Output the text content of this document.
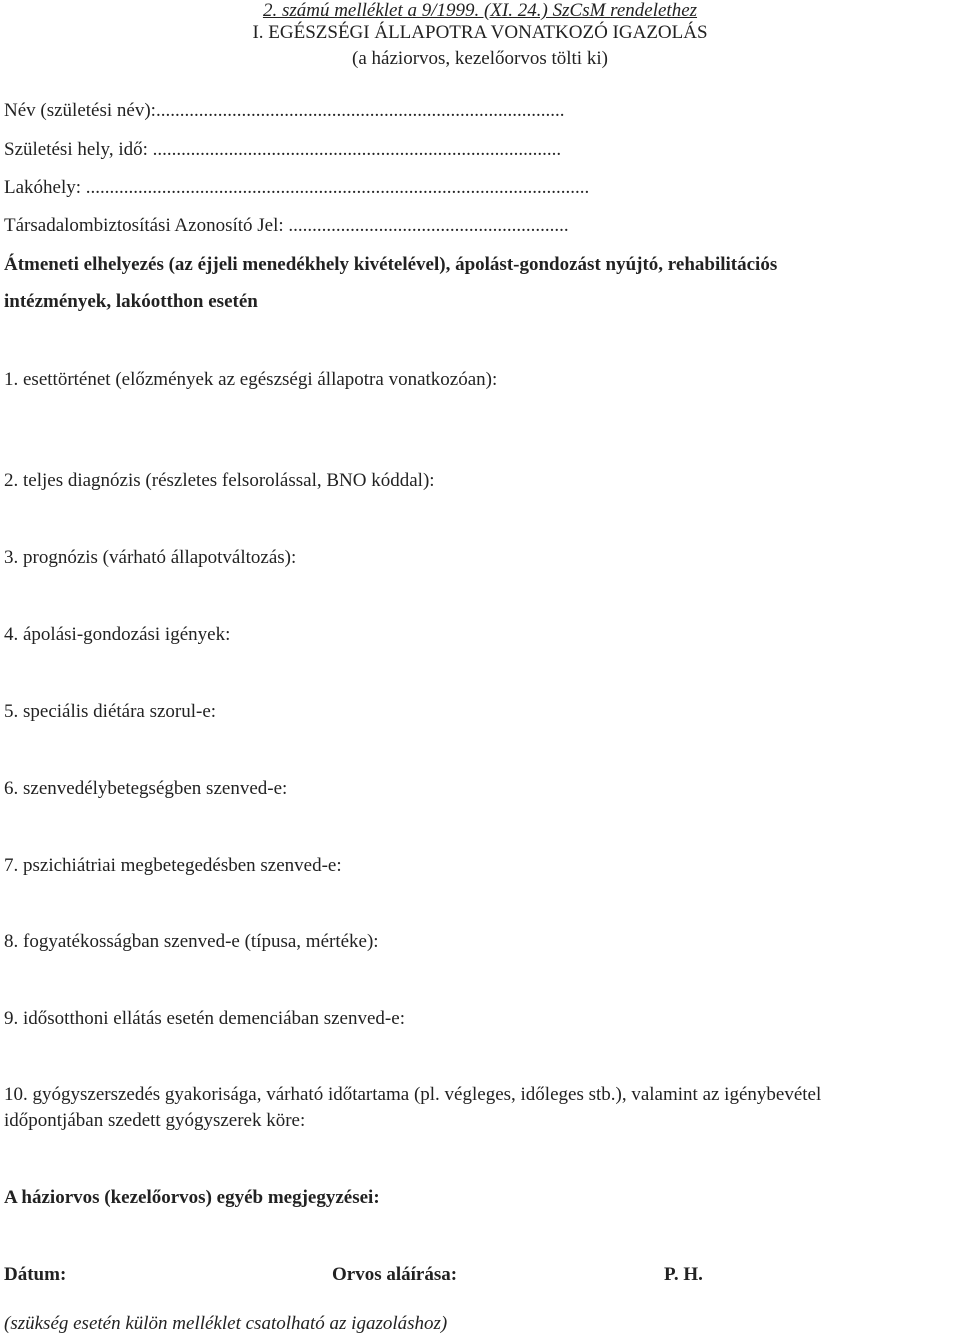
2. számú melléklet a 9/1999. (XI. 24.) SzCsM rendelethez
I. EGÉSZSÉGI ÁLLAPOTRA VONATKOZÓ IGAZOLÁS
(a háziorvos, kezelőorvos tölti ki)
Név (születési név):......................................................................................
Születési hely, idő: ......................................................................................
Lakóhely: ..........................................................................................................
Társadalombiztosítási Azonosító Jel: ...........................................................
Átmeneti elhelyezés (az éjjeli menedékhely kivételével), ápolást-gondozást nyújtó, rehabilitációs
intézmények, lakóotthon esetén
1. esettörténet (előzmények az egészségi állapotra vonatkozóan):
2. teljes diagnózis (részletes felsorolással, BNO kóddal):
3. prognózis (várható állapotváltozás):
4. ápolási-gondozási igények:
5. speciális diétára szorul-e:
6. szenvedélybetegségben szenved-e:
7. pszichiátriai megbetegedésben szenved-e:
8. fogyatékosságban szenved-e (típusa, mértéke):
9. idősotthoni ellátás esetén demenciában szenved-e:
10. gyógyszerszedés gyakorisága, várható időtartama (pl. végleges, időleges stb.), valamint az igénybevétel
időpontjában szedett gyógyszerek köre:
A háziorvos (kezelőorvos) egyéb megjegyzései:
Dátum:	Orvos aláírása:	P. H.
(szükség esetén külön melléklet csatolható az igazoláshoz)
